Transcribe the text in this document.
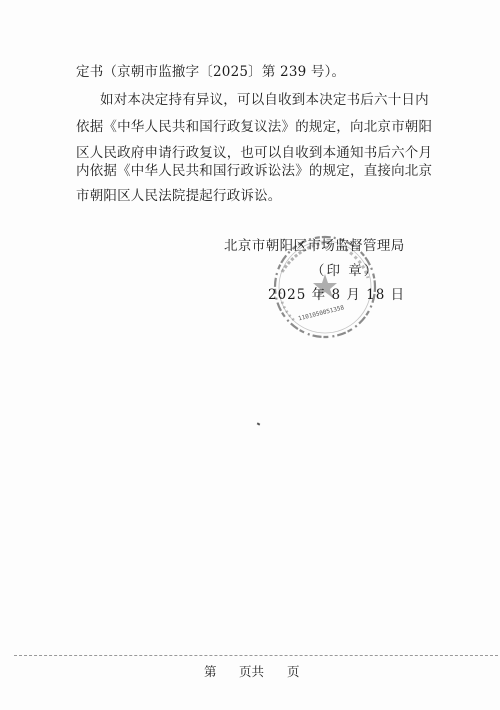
定书（京朝市监撤字〔2025〕第 239 号）。
如对本决定持有异议，可以自收到本决定书后六十日内
依据《中华人民共和国行政复议法》的规定，向北京市朝阳
区人民政府申请行政复议，也可以自收到本通知书后六个月
内依据《中华人民共和国行政诉讼法》的规定，直接向北京
市朝阳区人民法院提起行政诉讼。
1101050051358
北京市朝阳区市场监督管理局
（印 章）
2025 年 8 月 18 日
第 页共 页
